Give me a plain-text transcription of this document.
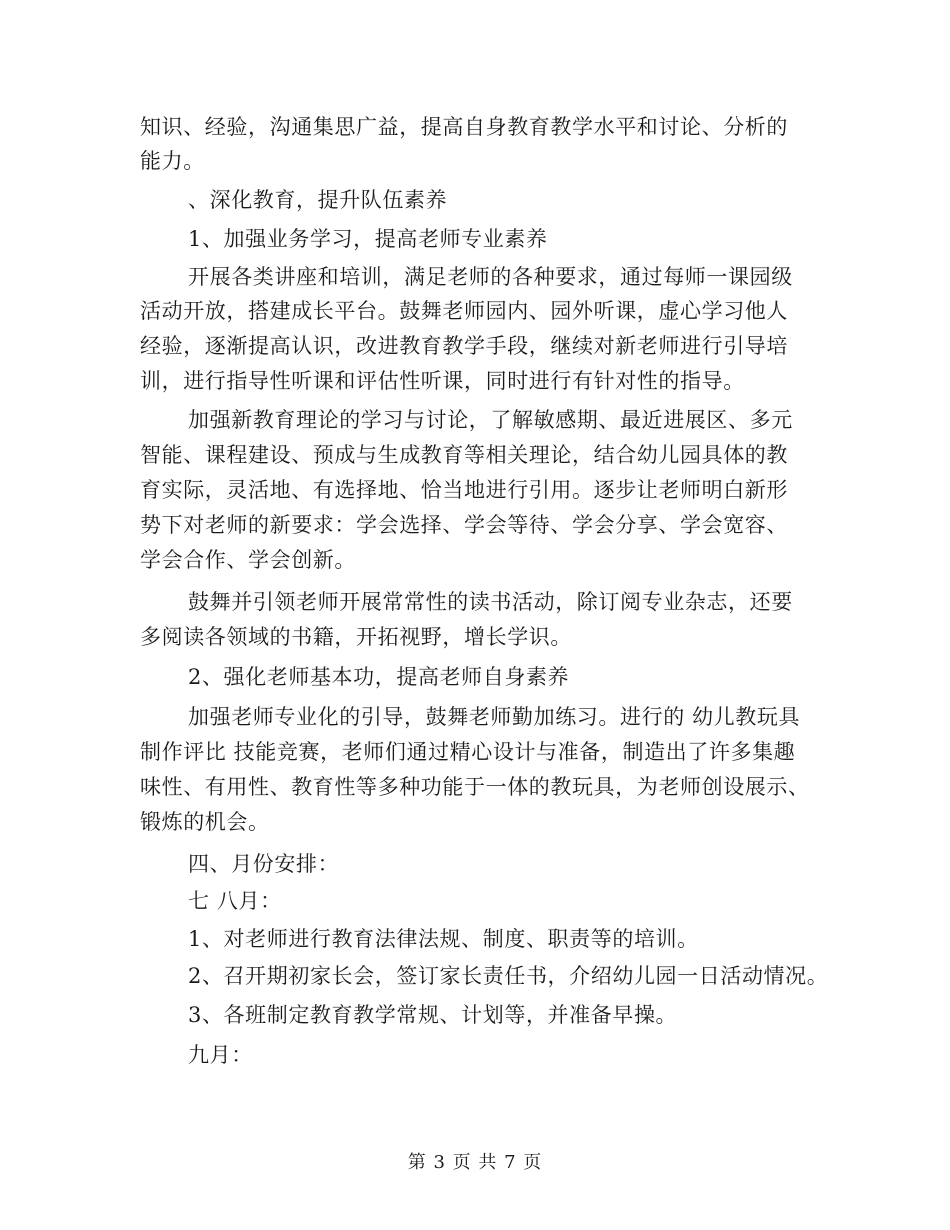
知识、经验，沟通集思广益，提高自身教育教学水平和讨论、分析的
能力。
、深化教育，提升队伍素养
1、加强业务学习，提高老师专业素养
开展各类讲座和培训，满足老师的各种要求，通过每师一课园级
活动开放，搭建成长平台。鼓舞老师园内、园外听课，虚心学习他人
经验，逐渐提高认识，改进教育教学手段，继续对新老师进行引导培
训，进行指导性听课和评估性听课，同时进行有针对性的指导。
加强新教育理论的学习与讨论，了解敏感期、最近进展区、多元
智能、课程建设、预成与生成教育等相关理论，结合幼儿园具体的教
育实际，灵活地、有选择地、恰当地进行引用。逐步让老师明白新形
势下对老师的新要求：学会选择、学会等待、学会分享、学会宽容、
学会合作、学会创新。
鼓舞并引领老师开展常常性的读书活动，除订阅专业杂志，还要
多阅读各领域的书籍，开拓视野，增长学识。
2、强化老师基本功，提高老师自身素养
加强老师专业化的引导，鼓舞老师勤加练习。进行的 幼儿教玩具
制作评比 技能竞赛，老师们通过精心设计与准备，制造出了许多集趣
味性、有用性、教育性等多种功能于一体的教玩具，为老师创设展示、
锻炼的机会。
四、月份安排：
七 八月：
1、对老师进行教育法律法规、制度、职责等的培训。
2、召开期初家长会，签订家长责任书，介绍幼儿园一日活动情况。
3、各班制定教育教学常规、计划等，并准备早操。
九月：
第 3 页 共 7 页
